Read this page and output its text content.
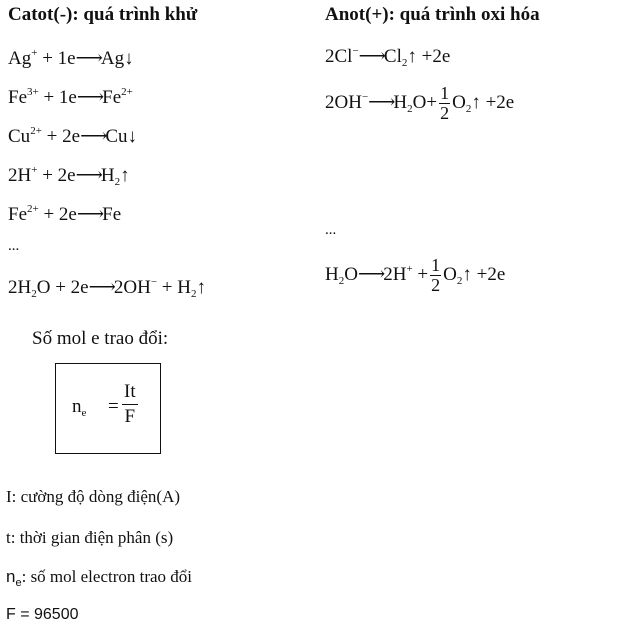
Catot(-): quá trình khử	Anot(+): quá trình oxi hóa
Ag+ + 1e⟶Ag↓
$Fe^{3+}$ + $1e⟶Fe^{2+}$
$Cu^{2+}$ + 2e⟶Cu↓
$2H^+ + 2e⟶H_2↑$
$Fe^{2+}$ + 2e⟶Fe
...
$2H_2O$ + 2e⟶2OH− + $H_2↑$
$2Cl^-⟶Cl_2↑ +2e$
$2OH^-⟶H_2O+ \frac{1}{2}$ $O_2↑ +2e$
...
$H_2O⟶2H^+ + \frac{1}{2}$ $O_2↑ +2e$
Số mol e trao đổi:
$n_e = \frac{It}{F}$
I: cường độ dòng điện(A)
t: thời gian điện phân (s)
$n_e$: số mol electron trao đổi
F = 96500
